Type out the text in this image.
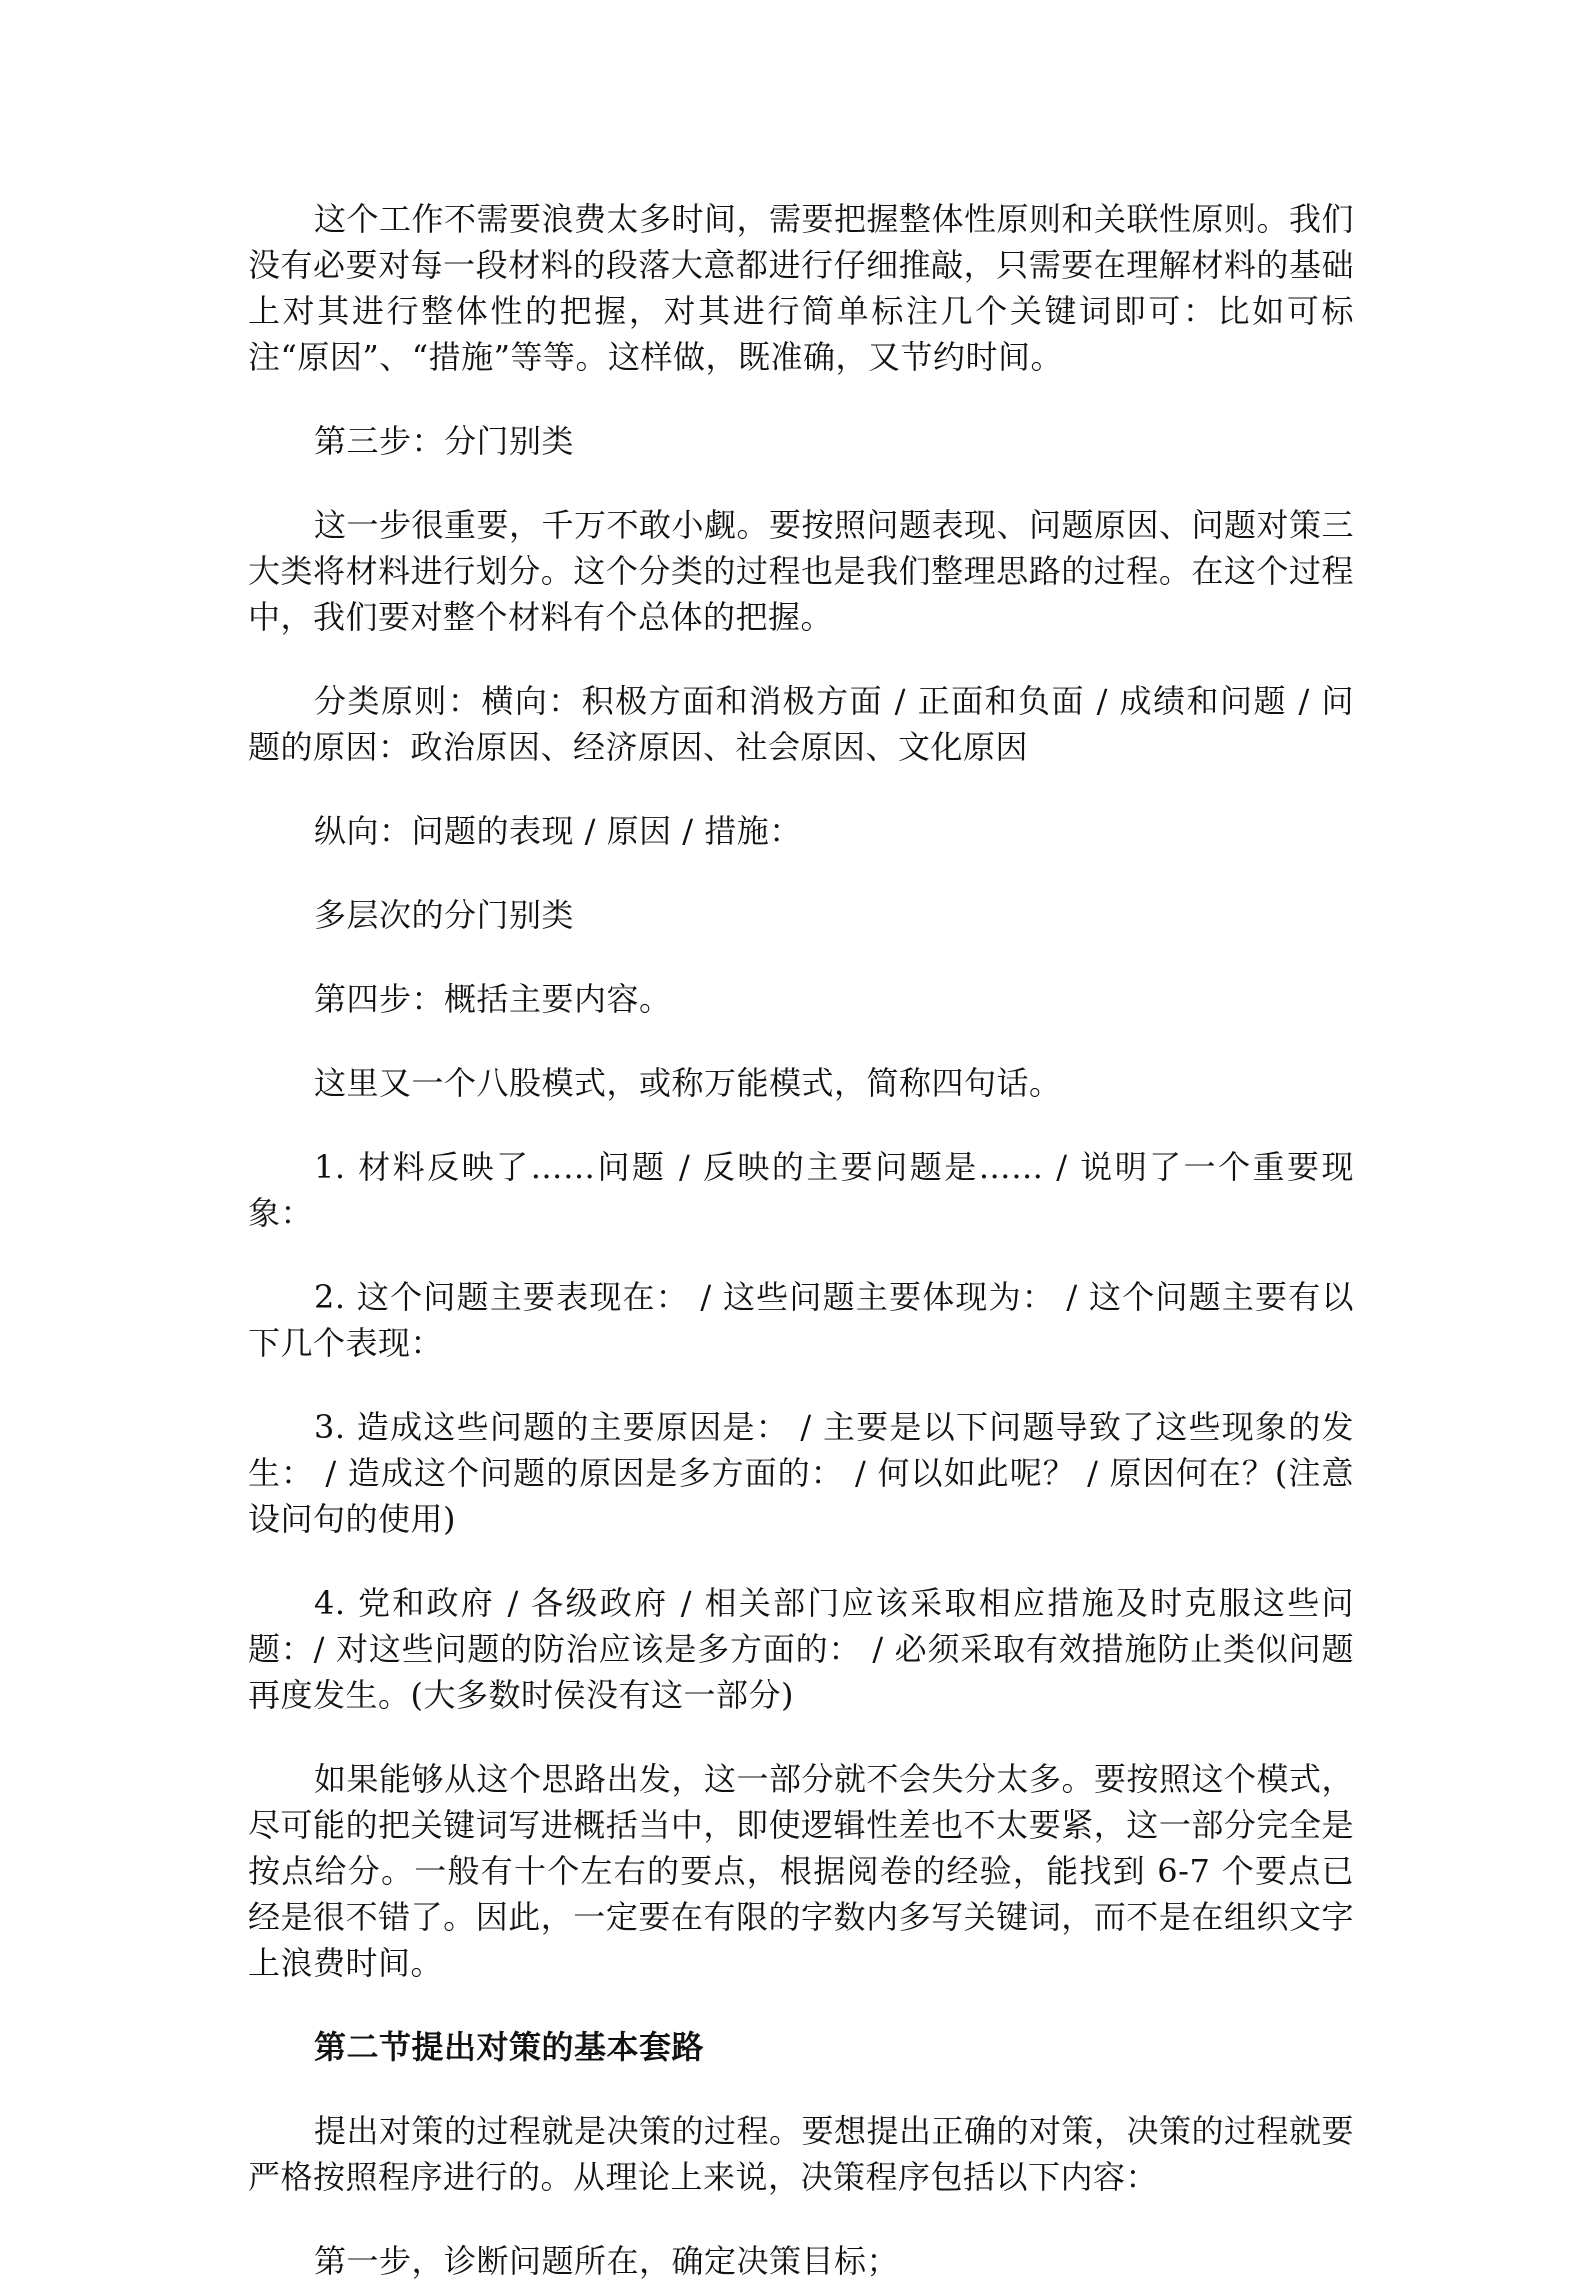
这个工作不需要浪费太多时间，需要把握整体性原则和关联性原则。我们没有必要对每一段材料的段落大意都进行仔细推敲，只需要在理解材料的基础上对其进行整体性的把握，对其进行简单标注几个关键词即可：比如可标注“原因”、“措施”等等。这样做，既准确，又节约时间。

第三步：分门别类

这一步很重要，千万不敢小觑。要按照问题表现、问题原因、问题对策三大类将材料进行划分。这个分类的过程也是我们整理思路的过程。在这个过程中，我们要对整个材料有个总体的把握。

分类原则：横向：积极方面和消极方面 / 正面和负面 / 成绩和问题 / 问题的原因：政治原因、经济原因、社会原因、文化原因

纵向：问题的表现 / 原因 / 措施：

多层次的分门别类

第四步：概括主要内容。

这里又一个八股模式，或称万能模式，简称四句话。

1. 材料反映了……问题 / 反映的主要问题是…… / 说明了一个重要现象：

2. 这个问题主要表现在： / 这些问题主要体现为： / 这个问题主要有以下几个表现：

3. 造成这些问题的主要原因是： / 主要是以下问题导致了这些现象的发生： / 造成这个问题的原因是多方面的： / 何以如此呢？ / 原因何在？(注意设问句的使用)

4. 党和政府 / 各级政府 / 相关部门应该采取相应措施及时克服这些问题：/ 对这些问题的防治应该是多方面的： / 必须采取有效措施防止类似问题再度发生。(大多数时侯没有这一部分)

如果能够从这个思路出发，这一部分就不会失分太多。要按照这个模式，尽可能的把关键词写进概括当中，即使逻辑性差也不太要紧，这一部分完全是按点给分。一般有十个左右的要点，根据阅卷的经验，能找到 6-7 个要点已经是很不错了。因此，一定要在有限的字数内多写关键词，而不是在组织文字上浪费时间。

第二节提出对策的基本套路

提出对策的过程就是决策的过程。要想提出正确的对策，决策的过程就要严格按照程序进行的。从理论上来说，决策程序包括以下内容：

第一步，诊断问题所在，确定决策目标；
